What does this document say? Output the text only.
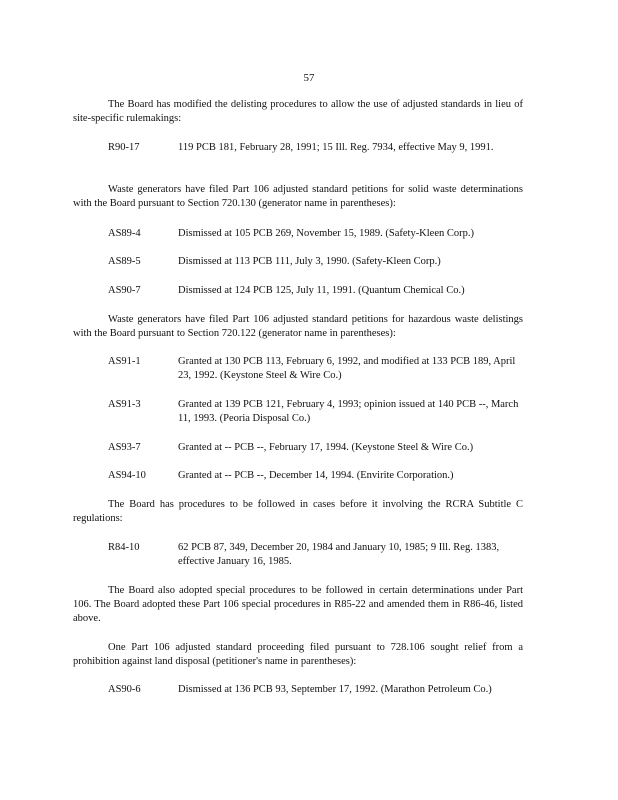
57
The Board has modified the delisting procedures to allow the use of adjusted standards in lieu of site-specific rulemakings:
R90-17	119 PCB 181, February 28, 1991; 15 Ill. Reg. 7934, effective May 9, 1991.
Waste generators have filed Part 106 adjusted standard petitions for solid waste determinations with the Board pursuant to Section 720.130 (generator name in parentheses):
AS89-4	Dismissed at 105 PCB 269, November 15, 1989. (Safety-Kleen Corp.)
AS89-5	Dismissed at 113 PCB 111, July 3, 1990. (Safety-Kleen Corp.)
AS90-7	Dismissed at 124 PCB 125, July 11, 1991. (Quantum Chemical Co.)
Waste generators have filed Part 106 adjusted standard petitions for hazardous waste delistings with the Board pursuant to Section 720.122 (generator name in parentheses):
AS91-1	Granted at 130 PCB 113, February 6, 1992, and modified at 133 PCB 189, April 23, 1992. (Keystone Steel & Wire Co.)
AS91-3	Granted at 139 PCB 121, February 4, 1993; opinion issued at 140 PCB --, March 11, 1993. (Peoria Disposal Co.)
AS93-7	Granted at -- PCB --, February 17, 1994. (Keystone Steel & Wire Co.)
AS94-10	Granted at -- PCB --, December 14, 1994. (Envirite Corporation.)
The Board has procedures to be followed in cases before it involving the RCRA Subtitle C regulations:
R84-10	62 PCB 87, 349, December 20, 1984 and January 10, 1985; 9 Ill. Reg. 1383, effective January 16, 1985.
The Board also adopted special procedures to be followed in certain determinations under Part 106. The Board adopted these Part 106 special procedures in R85-22 and amended them in R86-46, listed above.
One Part 106 adjusted standard proceeding filed pursuant to 728.106 sought relief from a prohibition against land disposal (petitioner's name in parentheses):
AS90-6	Dismissed at 136 PCB 93, September 17, 1992. (Marathon Petroleum Co.)
